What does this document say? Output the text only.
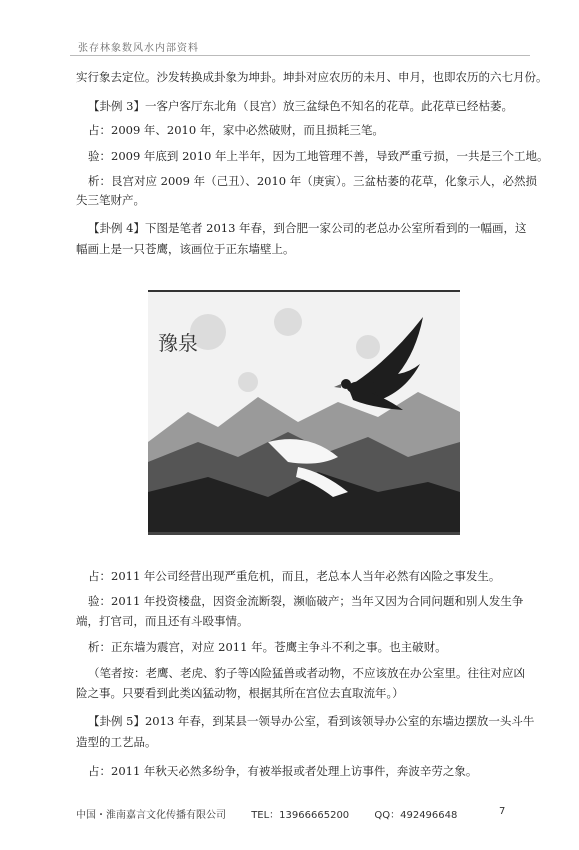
张存林象数风水内部资料
实行象去定位。沙发转换成卦象为坤卦。坤卦对应农历的未月、申月，也即农历的六七月份。
【卦例 3】一客户客厅东北角（艮宫）放三盆绿色不知名的花草。此花草已经枯萎。
占：2009 年、2010 年，家中必然破财，而且损耗三笔。
验：2009 年底到 2010 年上半年，因为工地管理不善，导致严重亏损，一共是三个工地。
析：艮宫对应 2009 年（己丑）、2010 年（庚寅）。三盆枯萎的花草，化象示人，必然损
失三笔财产。
【卦例 4】下图是笔者 2013 年春，到合肥一家公司的老总办公室所看到的一幅画，这
幅画上是一只苍鹰，该画位于正东墙壁上。
豫泉
占：2011 年公司经营出现严重危机，而且，老总本人当年必然有凶险之事发生。
验：2011 年投资楼盘，因资金流断裂，濒临破产；当年又因为合同问题和别人发生争
端，打官司，而且还有斗殴事情。
析：正东墙为震宫，对应 2011 年。苍鹰主争斗不利之事。也主破财。
（笔者按：老鹰、老虎、豹子等凶险猛兽或者动物，不应该放在办公室里。往往对应凶
险之事。只要看到此类凶猛动物，根据其所在宫位去直取流年。）
【卦例 5】2013 年春，到某县一领导办公室，看到该领导办公室的东墙边摆放一头斗牛
造型的工艺品。
占：2011 年秋天必然多纷争，有被举报或者处理上访事件，奔波辛劳之象。
中国・淮南嘉言文化传播有限公司	TEL：13966665200	QQ：492496648	7
